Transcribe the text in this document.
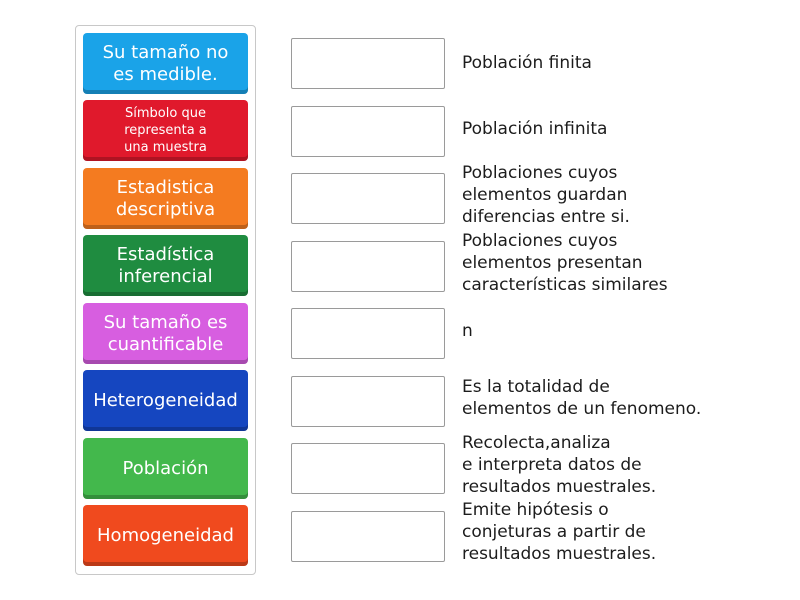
Su tamaño no
es medible.
Símbolo que
representa a
una muestra
Estadistica
descriptiva
Estadística
inferencial
Su tamaño es
cuantificable
Heterogeneidad
Población
Homogeneidad
Población finita
Población infinita
Poblaciones cuyos
elementos guardan
diferencias entre si.
Poblaciones cuyos
elementos presentan
características similares
n
Es la totalidad de
elementos de un fenomeno.
Recolecta,analiza
e interpreta datos de
resultados muestrales.
Emite hipótesis o
conjeturas a partir de
resultados muestrales.
